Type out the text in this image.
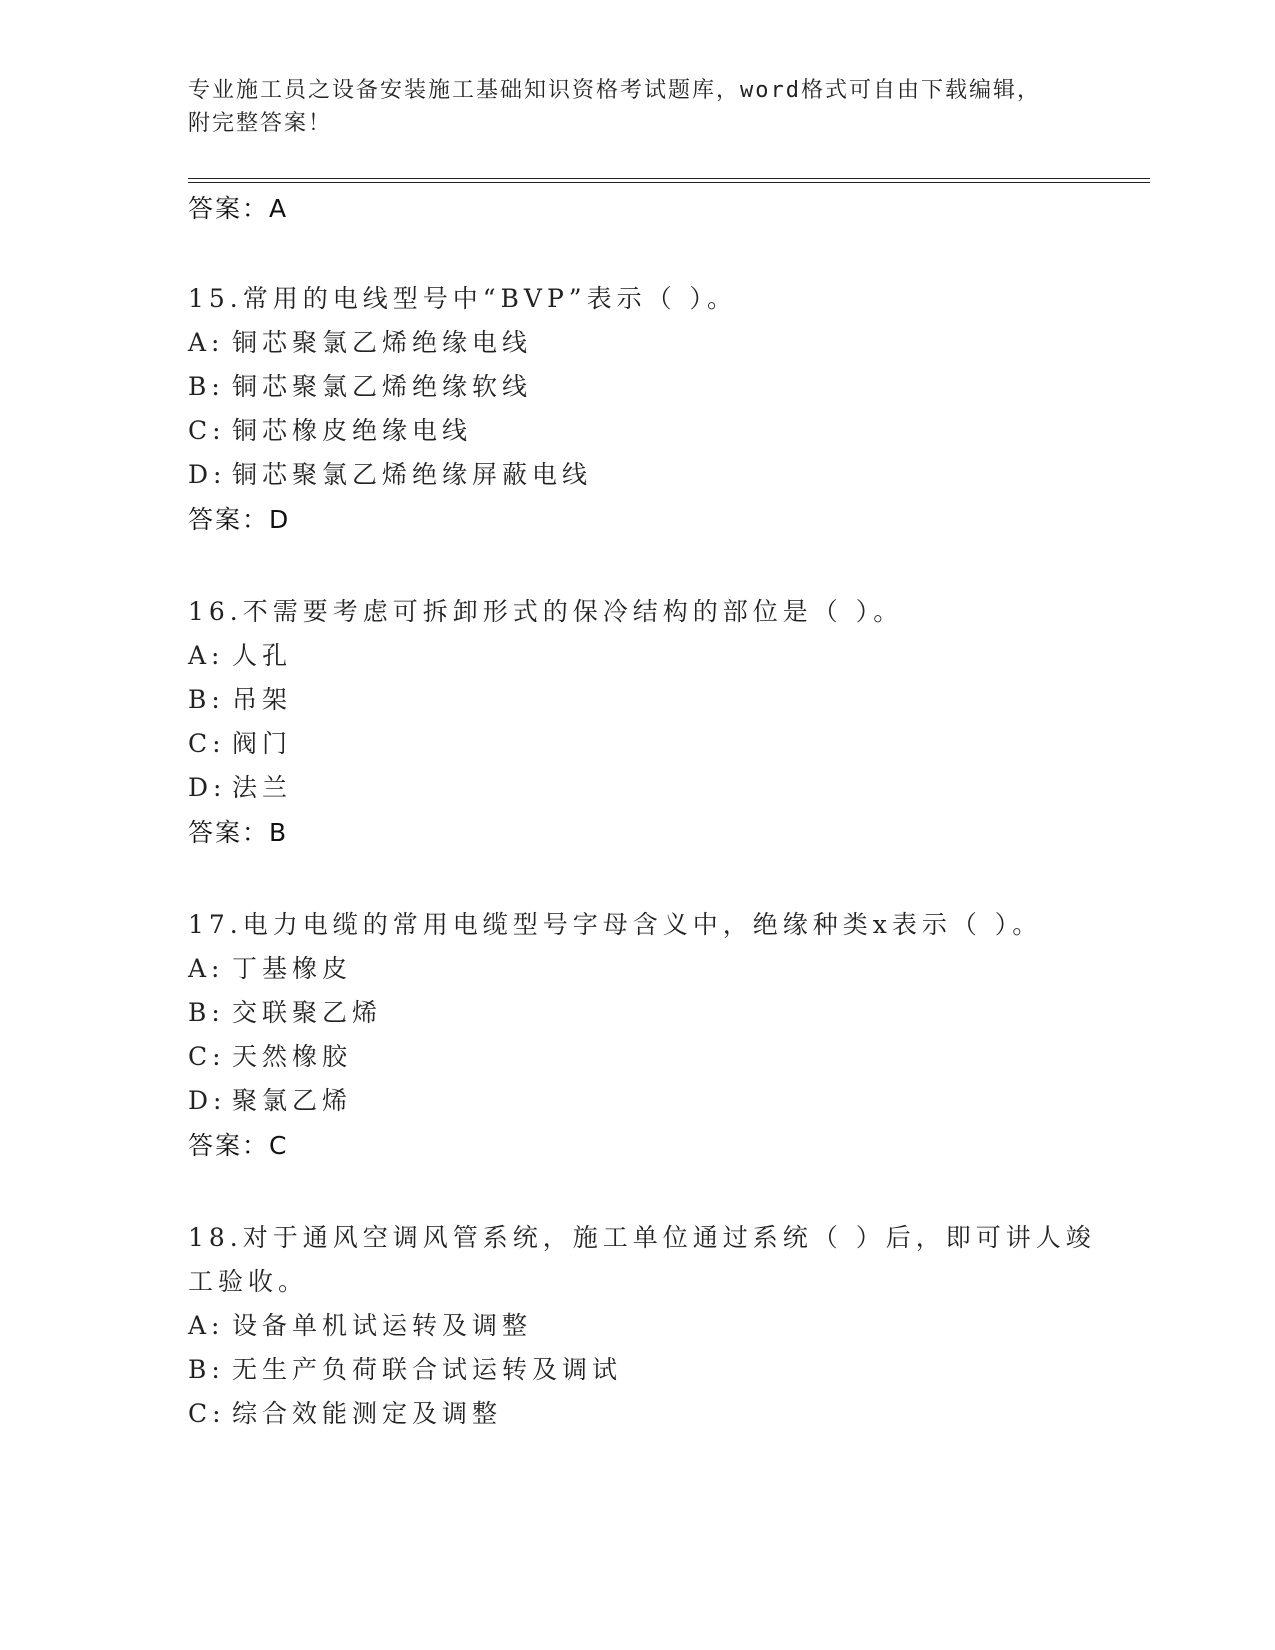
专业施工员之设备安装施工基础知识资格考试题库，word格式可自由下载编辑，
附完整答案！
答案：A
15.常用的电线型号中“BVP”表示（ ）。
A: 铜芯聚氯乙烯绝缘电线
B: 铜芯聚氯乙烯绝缘软线
C: 铜芯橡皮绝缘电线
D: 铜芯聚氯乙烯绝缘屏蔽电线
答案：D
16.不需要考虑可拆卸形式的保冷结构的部位是（ ）。
A: 人孔
B: 吊架
C: 阀门
D: 法兰
答案：B
17.电力电缆的常用电缆型号字母含义中，绝缘种类x表示（ ）。
A: 丁基橡皮
B: 交联聚乙烯
C: 天然橡胶
D: 聚氯乙烯
答案：C
18.对于通风空调风管系统，施工单位通过系统（ ）后，即可讲人竣
工验收。
A: 设备单机试运转及调整
B: 无生产负荷联合试运转及调试
C: 综合效能测定及调整
